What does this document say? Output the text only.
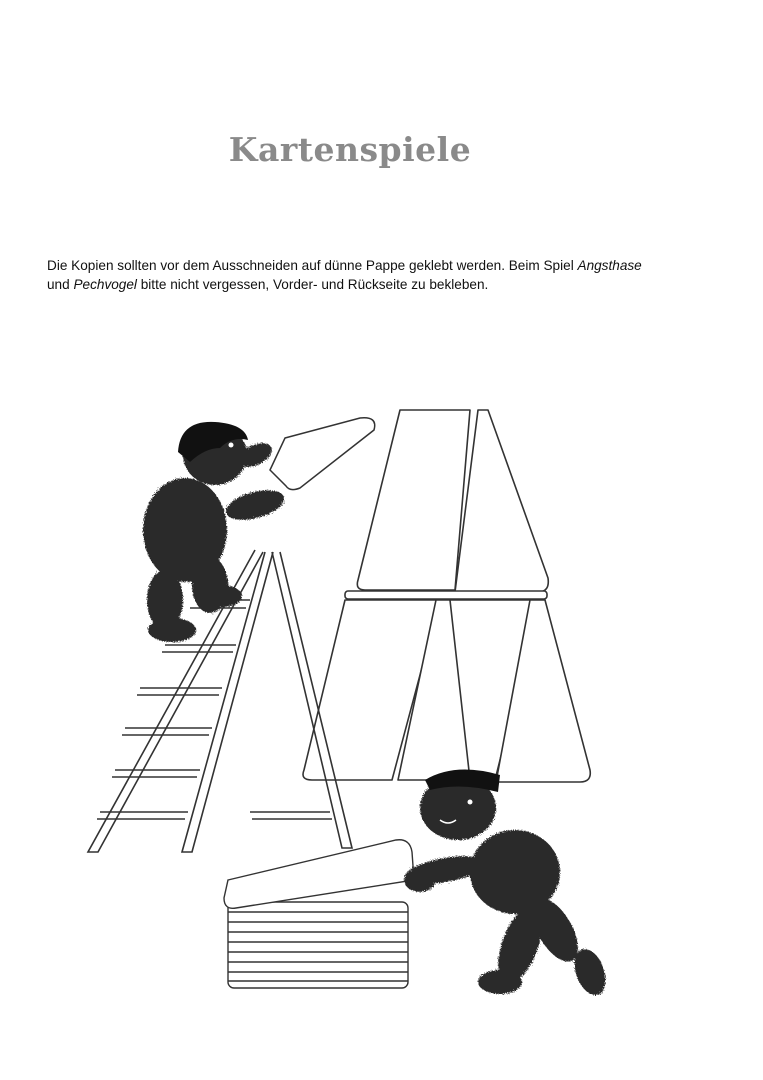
Kartenspiele

Die Kopien sollten vor dem Ausschneiden auf dünne Pappe geklebt werden. Beim Spiel Angsthase und Pechvogel bitte nicht vergessen, Vorder- und Rückseite zu bekleben.
